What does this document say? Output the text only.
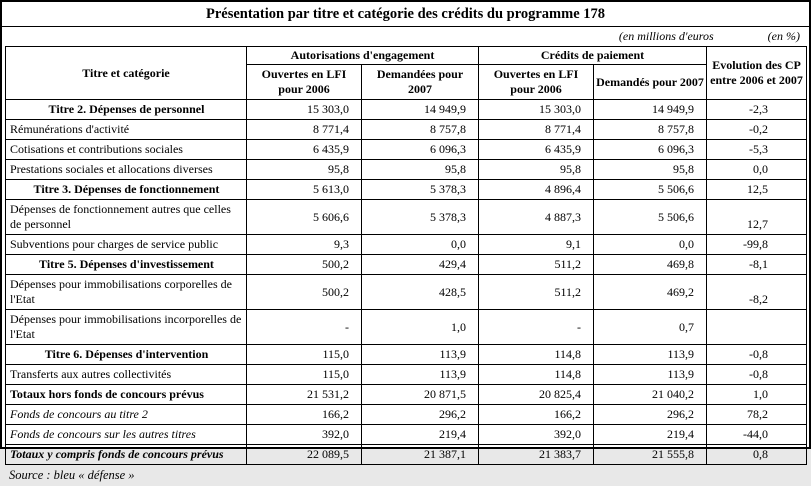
Présentation par titre et catégorie des crédits du programme 178
(en millions d'euros	(en %)
Titre et catégorie	Autorisations d'engagement		Crédits de paiement		Evolution des CP entre 2006 et 2007
	Ouvertes en LFI pour 2006	Demandées pour 2007	Ouvertes en LFI pour 2006	Demandés pour 2007	
Titre 2. Dépenses de personnel	15 303,0	14 949,9	15 303,0	14 949,9	-2,3
Rémunérations d'activité	8 771,4	8 757,8	8 771,4	8 757,8	-0,2
Cotisations et contributions sociales	6 435,9	6 096,3	6 435,9	6 096,3	-5,3
Prestations sociales et allocations diverses	95,8	95,8	95,8	95,8	0,0
Titre 3. Dépenses de fonctionnement	5 613,0	5 378,3	4 896,4	5 506,6	12,5
Dépenses de fonctionnement autres que celles de personnel	5 606,6	5 378,3	4 887,3	5 506,6	12,7
Subventions pour charges de service public	9,3	0,0	9,1	0,0	-99,8
Titre 5. Dépenses d'investissement	500,2	429,4	511,2	469,8	-8,1
Dépenses pour immobilisations corporelles de l'Etat	500,2	428,5	511,2	469,2	-8,2
Dépenses pour immobilisations incorporelles de l'Etat	-	1,0	-	0,7	
Titre 6. Dépenses d'intervention	115,0	113,9	114,8	113,9	-0,8
Transferts aux autres collectivités	115,0	113,9	114,8	113,9	-0,8
Totaux hors fonds de concours prévus	21 531,2	20 871,5	20 825,4	21 040,2	1,0
Fonds de concours au titre 2	166,2	296,2	166,2	296,2	78,2
Fonds de concours sur les autres titres	392,0	219,4	392,0	219,4	-44,0
Totaux y compris fonds de concours prévus	22 089,5	21 387,1	21 383,7	21 555,8	0,8
Source : bleu « défense »
